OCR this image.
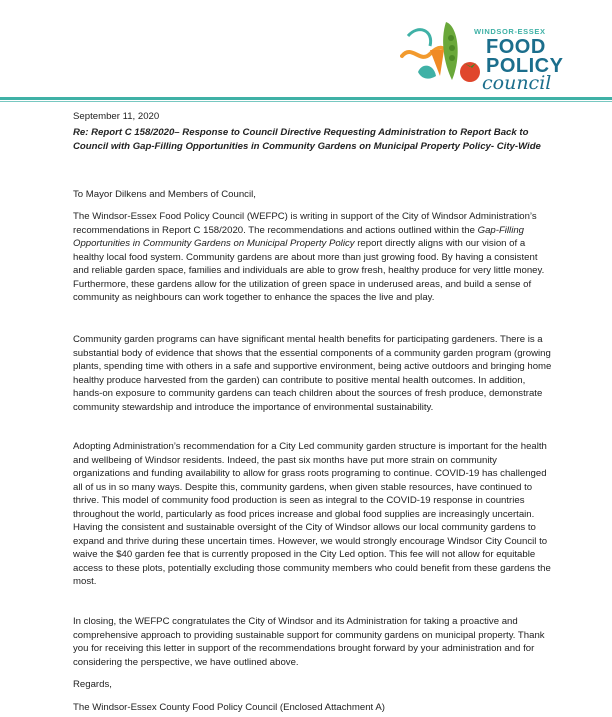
WINDSOR-ESSEX
FOOD
POLICY
council
September 11, 2020
Re: Report C 158/2020– Response to Council Directive Requesting Administration to Report Back to Council with Gap-Filling Opportunities in Community Gardens on Municipal Property Policy- City-Wide
To Mayor Dilkens and Members of Council,

The Windsor-Essex Food Policy Council (WEFPC) is writing in support of the City of Windsor Administration’s recommendations in Report C 158/2020. The recommendations and actions outlined within the Gap-Filling Opportunities in Community Gardens on Municipal Property Policy report directly aligns with our vision of a healthy local food system. Community gardens are about more than just growing food. By having a consistent and reliable garden space, families and individuals are able to grow fresh, healthy produce for very little money. Furthermore, these gardens allow for the utilization of green space in underused areas, and build a sense of community as neighbours can work together to enhance the spaces the live and play.

Community garden programs can have significant mental health benefits for participating gardeners. There is a substantial body of evidence that shows that the essential components of a community garden program (growing plants, spending time with others in a safe and supportive environment, being active outdoors and bringing home healthy produce harvested from the garden) can contribute to positive mental health outcomes. In addition, hands-on exposure to community gardens can teach children about the sources of fresh produce, demonstrate community stewardship and introduce the importance of environmental sustainability.

Adopting Administration’s recommendation for a City Led community garden structure is important for the health and wellbeing of Windsor residents. Indeed, the past six months have put more strain on community organizations and funding availability to allow for grass roots programing to continue. COVID-19 has challenged all of us in so many ways. Despite this, community gardens, when given stable resources, have continued to thrive. This model of community food production is seen as integral to the COVID-19 response in countries throughout the world, particularly as food prices increase and global food supplies are increasingly uncertain. Having the consistent and sustainable oversight of the City of Windsor allows our local community gardens to expand and thrive during these uncertain times. However, we would strongly encourage Windsor City Council to waive the $40 garden fee that is currently proposed in the City Led option. This fee will not allow for equitable access to these plots, potentially excluding those community members who could benefit from these gardens the most.

In closing, the WEFPC congratulates the City of Windsor and its Administration for taking a proactive and comprehensive approach to providing sustainable support for community gardens on municipal property. Thank you for receiving this letter in support of the recommendations brought forward by your administration and for considering the perspective, we have outlined above.

Regards,
The Windsor-Essex County Food Policy Council (Enclosed Attachment A)
